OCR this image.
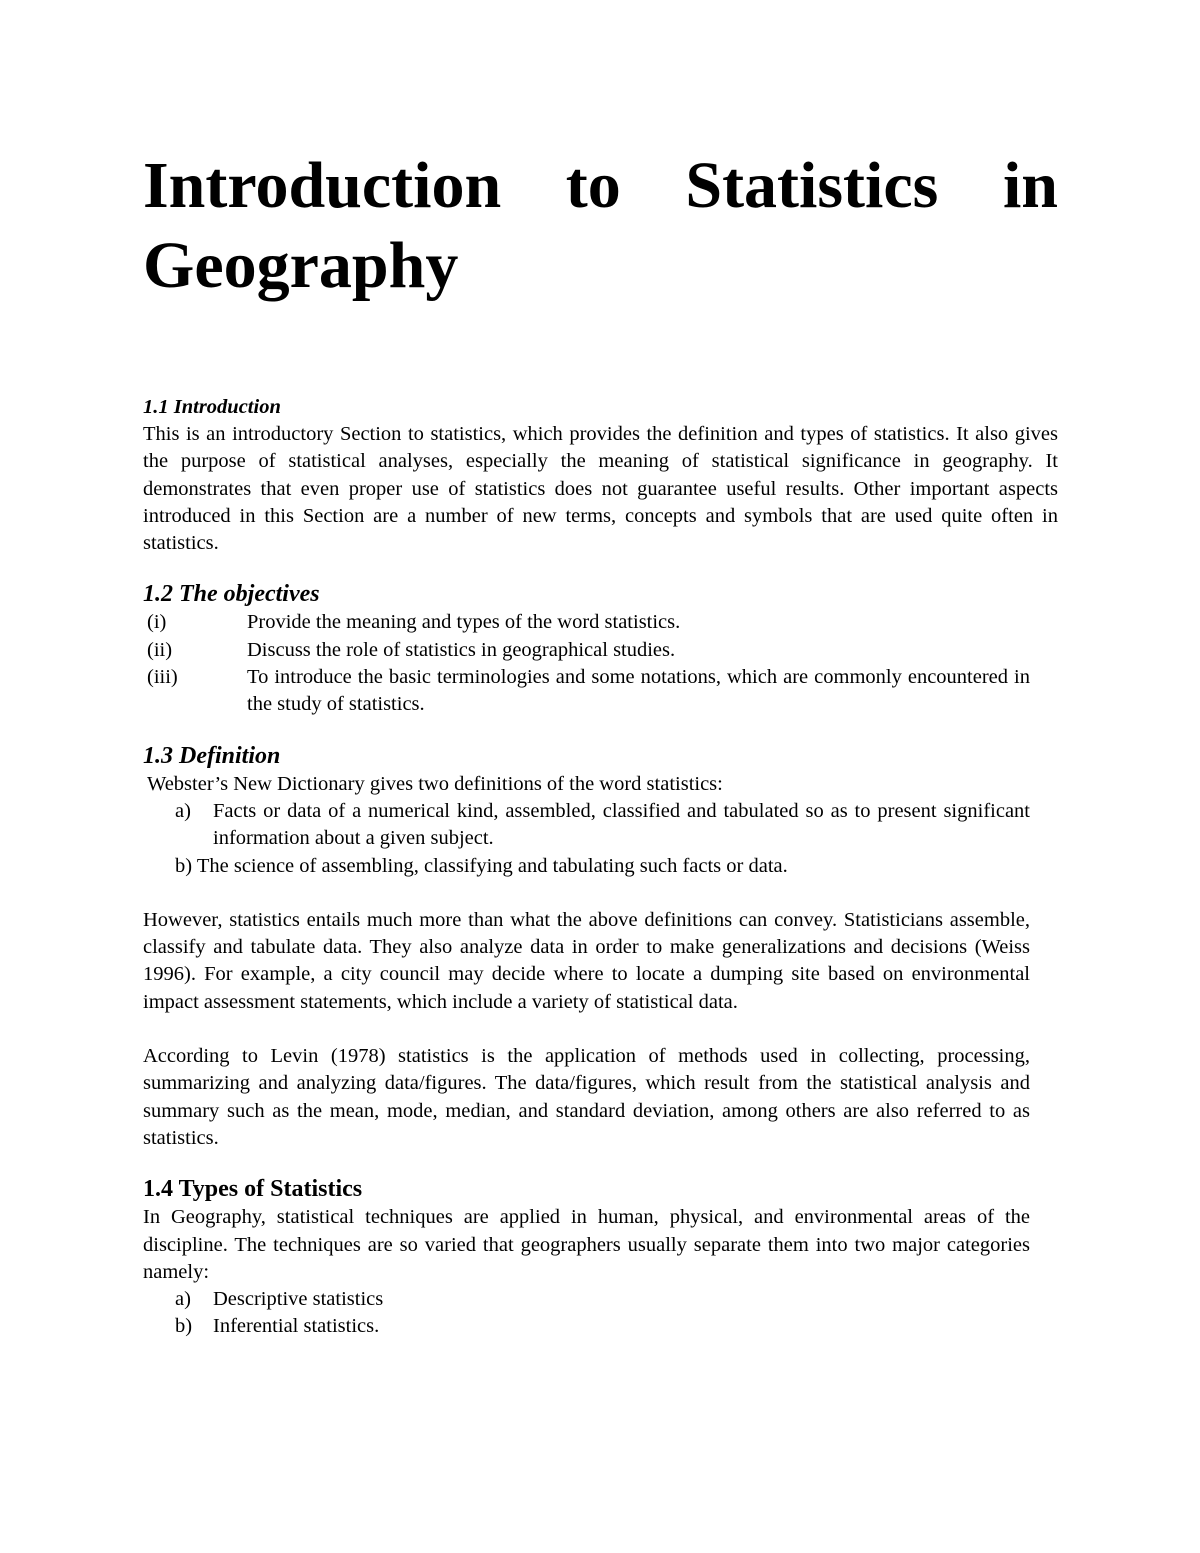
Introduction to Statistics in Geography

1.1 Introduction

This is an introductory Section to statistics, which provides the definition and types of statistics. It also gives the purpose of statistical analyses, especially the meaning of statistical significance in geography. It demonstrates that even proper use of statistics does not guarantee useful results. Other important aspects introduced in this Section are a number of new terms, concepts and symbols that are used quite often in statistics.

1.2 The objectives

(i)	Provide the meaning and types of the word statistics.
(ii)	Discuss the role of statistics in geographical studies.
(iii)	To introduce the basic terminologies and some notations, which are commonly encountered in the study of statistics.

1.3 Definition

Webster’s New Dictionary gives two definitions of the word statistics:

a)	Facts or data of a numerical kind, assembled, classified and tabulated so as to present significant information about a given subject.
b) The science of assembling, classifying and tabulating such facts or data.

However, statistics entails much more than what the above definitions can convey. Statisticians assemble, classify and tabulate data. They also analyze data in order to make generalizations and decisions (Weiss 1996). For example, a city council may decide where to locate a dumping site based on environmental impact assessment statements, which include a variety of statistical data.

According to Levin (1978) statistics is the application of methods used in collecting, processing, summarizing and analyzing data/figures. The data/figures, which result from the statistical analysis and summary such as the mean, mode, median, and standard deviation, among others are also referred to as statistics.

1.4 Types of Statistics

In Geography, statistical techniques are applied in human, physical, and environmental areas of the discipline. The techniques are so varied that geographers usually separate them into two major categories namely:

a)	Descriptive statistics
b)	Inferential statistics.
